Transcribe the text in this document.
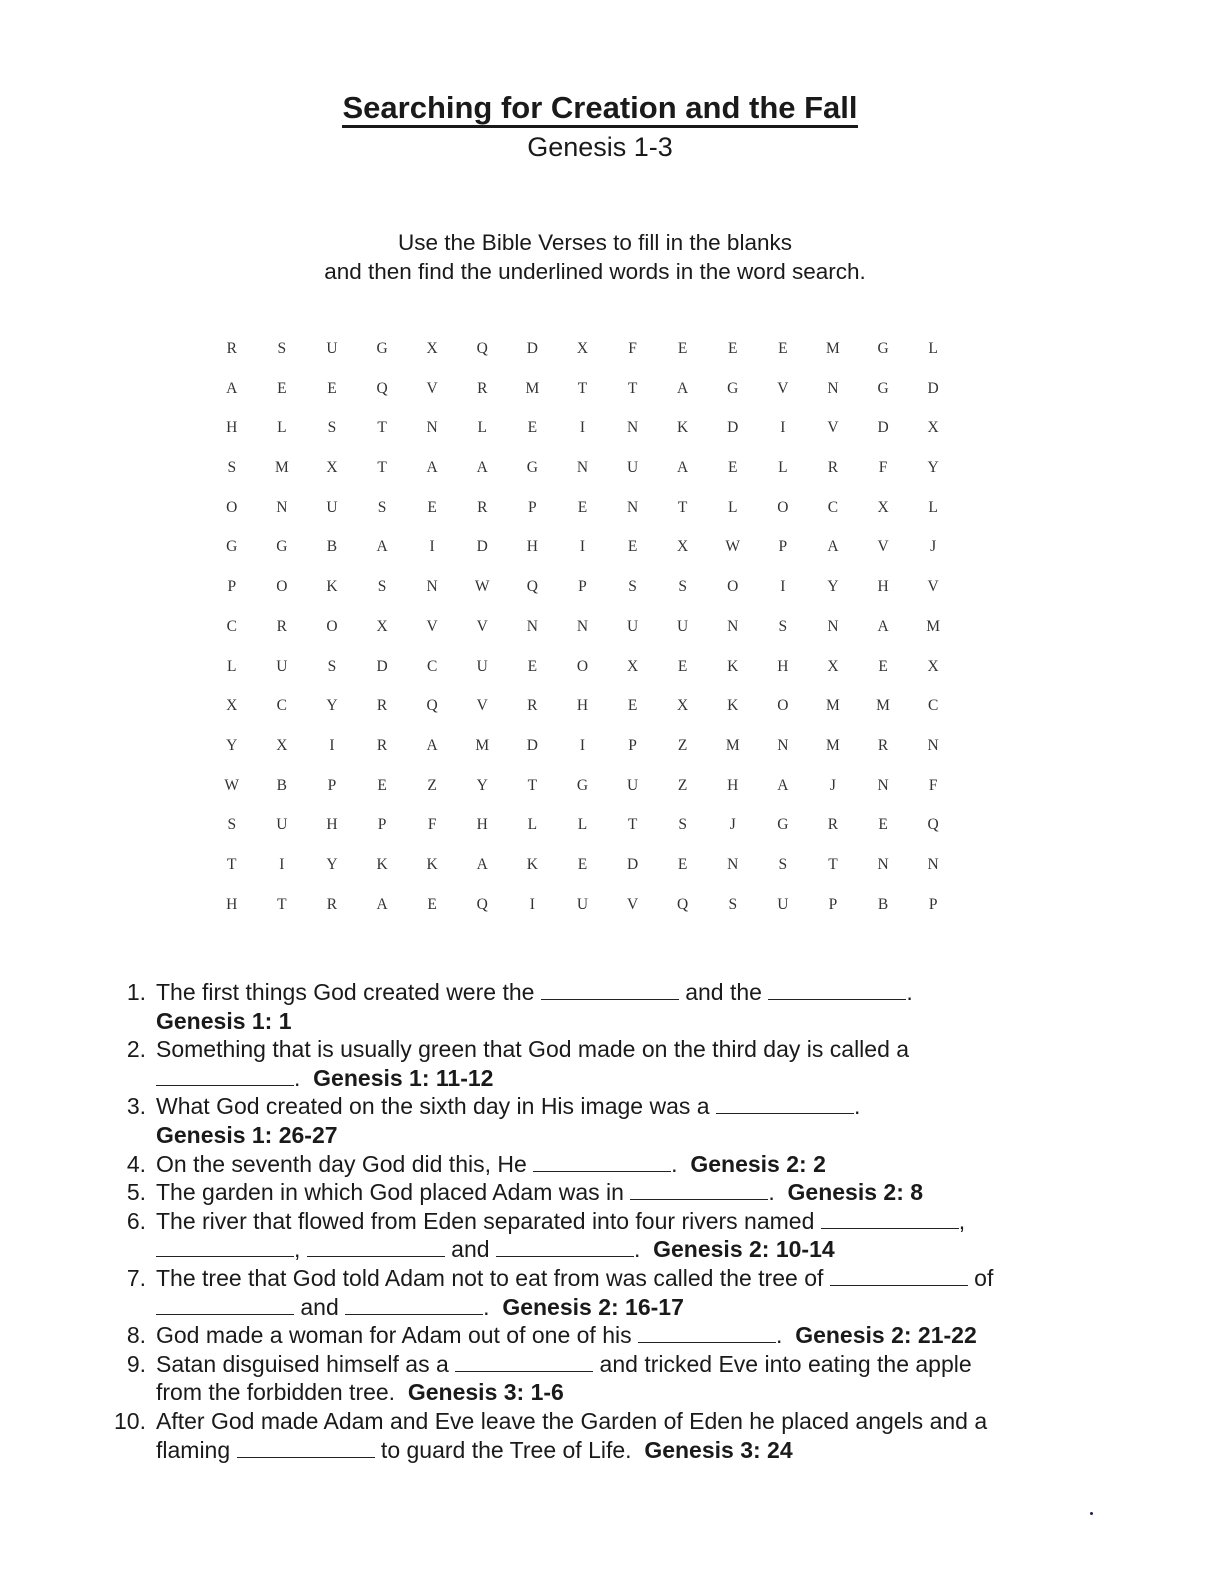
Searching for Creation and the Fall
Genesis 1-3
Use the Bible Verses to fill in the blanks
and then find the underlined words in the word search.
R	S	U	G	X	Q	D	X	F	E	E	E	M	G	L
A	E	E	Q	V	R	M	T	T	A	G	V	N	G	D
H	L	S	T	N	L	E	I	N	K	D	I	V	D	X
S	M	X	T	A	A	G	N	U	A	E	L	R	F	Y
O	N	U	S	E	R	P	E	N	T	L	O	C	X	L
G	G	B	A	I	D	H	I	E	X	W	P	A	V	J
P	O	K	S	N	W	Q	P	S	S	O	I	Y	H	V
C	R	O	X	V	V	N	N	U	U	N	S	N	A	M
L	U	S	D	C	U	E	O	X	E	K	H	X	E	X
X	C	Y	R	Q	V	R	H	E	X	K	O	M	M	C
Y	X	I	R	A	M	D	I	P	Z	M	N	M	R	N
W	B	P	E	Z	Y	T	G	U	Z	H	A	J	N	F
S	U	H	P	F	H	L	L	T	S	J	G	R	E	Q
T	I	Y	K	K	A	K	E	D	E	N	S	T	N	N
H	T	R	A	E	Q	I	U	V	Q	S	U	P	B	P
1. The first things God created were the	and the	.
Genesis 1: 1
2. Something that is usually green that God made on the third day is called a
. Genesis 1: 11-12
3. What God created on the sixth day in His image was a	.
Genesis 1: 26-27
4. On the seventh day God did this, He	. Genesis 2: 2
5. The garden in which God placed Adam was in	. Genesis 2: 8
6. The river that flowed from Eden separated into four rivers named	,
,	and	. Genesis 2: 10-14
7. The tree that God told Adam not to eat from was called the tree of	of
and	. Genesis 2: 16-17
8. God made a woman for Adam out of one of his	. Genesis 2: 21-22
9. Satan disguised himself as a	and tricked Eve into eating the apple
from the forbidden tree. Genesis 3: 1-6
10. After God made Adam and Eve leave the Garden of Eden he placed angels and a
flaming	to guard the Tree of Life. Genesis 3: 24
